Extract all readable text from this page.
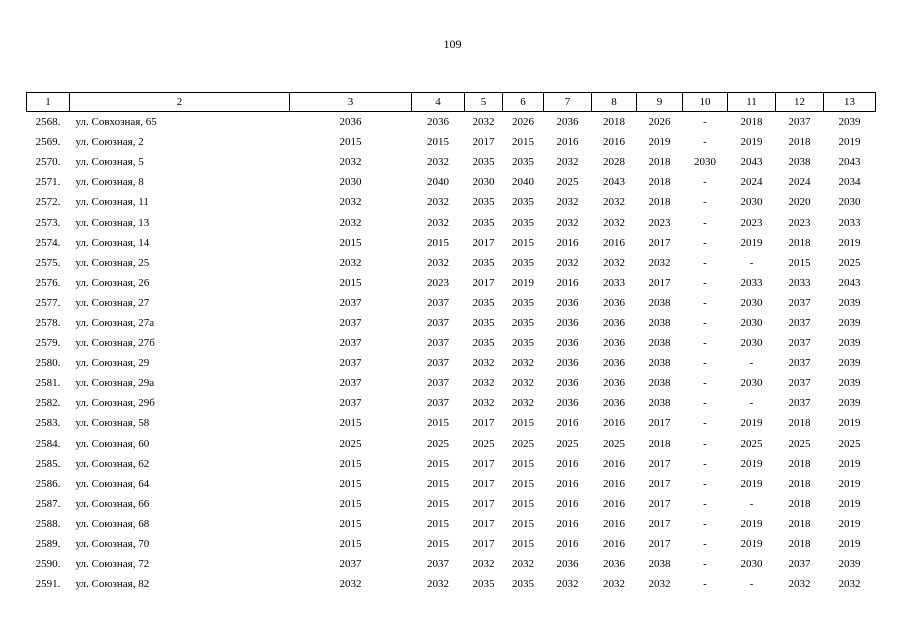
109
1	2	3	4	5	6	7	8	9	10	11	12	13
2568.	ул. Совхозная, 65	2036	2036	2032	2026	2036	2018	2026	-	2018	2037	2039
2569.	ул. Союзная, 2	2015	2015	2017	2015	2016	2016	2019	-	2019	2018	2019
2570.	ул. Союзная, 5	2032	2032	2035	2035	2032	2028	2018	2030	2043	2038	2043
2571.	ул. Союзная, 8	2030	2040	2030	2040	2025	2043	2018	-	2024	2024	2034
2572.	ул. Союзная, 11	2032	2032	2035	2035	2032	2032	2018	-	2030	2020	2030
2573.	ул. Союзная, 13	2032	2032	2035	2035	2032	2032	2023	-	2023	2023	2033
2574.	ул. Союзная, 14	2015	2015	2017	2015	2016	2016	2017	-	2019	2018	2019
2575.	ул. Союзная, 25	2032	2032	2035	2035	2032	2032	2032	-	-	2015	2025
2576.	ул. Союзная, 26	2015	2023	2017	2019	2016	2033	2017	-	2033	2033	2043
2577.	ул. Союзная, 27	2037	2037	2035	2035	2036	2036	2038	-	2030	2037	2039
2578.	ул. Союзная, 27а	2037	2037	2035	2035	2036	2036	2038	-	2030	2037	2039
2579.	ул. Союзная, 27б	2037	2037	2035	2035	2036	2036	2038	-	2030	2037	2039
2580.	ул. Союзная, 29	2037	2037	2032	2032	2036	2036	2038	-	-	2037	2039
2581.	ул. Союзная, 29а	2037	2037	2032	2032	2036	2036	2038	-	2030	2037	2039
2582.	ул. Союзная, 29б	2037	2037	2032	2032	2036	2036	2038	-	-	2037	2039
2583.	ул. Союзная, 58	2015	2015	2017	2015	2016	2016	2017	-	2019	2018	2019
2584.	ул. Союзная, 60	2025	2025	2025	2025	2025	2025	2018	-	2025	2025	2025
2585.	ул. Союзная, 62	2015	2015	2017	2015	2016	2016	2017	-	2019	2018	2019
2586.	ул. Союзная, 64	2015	2015	2017	2015	2016	2016	2017	-	2019	2018	2019
2587.	ул. Союзная, 66	2015	2015	2017	2015	2016	2016	2017	-	-	2018	2019
2588.	ул. Союзная, 68	2015	2015	2017	2015	2016	2016	2017	-	2019	2018	2019
2589.	ул. Союзная, 70	2015	2015	2017	2015	2016	2016	2017	-	2019	2018	2019
2590.	ул. Союзная, 72	2037	2037	2032	2032	2036	2036	2038	-	2030	2037	2039
2591.	ул. Союзная, 82	2032	2032	2035	2035	2032	2032	2032	-	-	2032	2032
